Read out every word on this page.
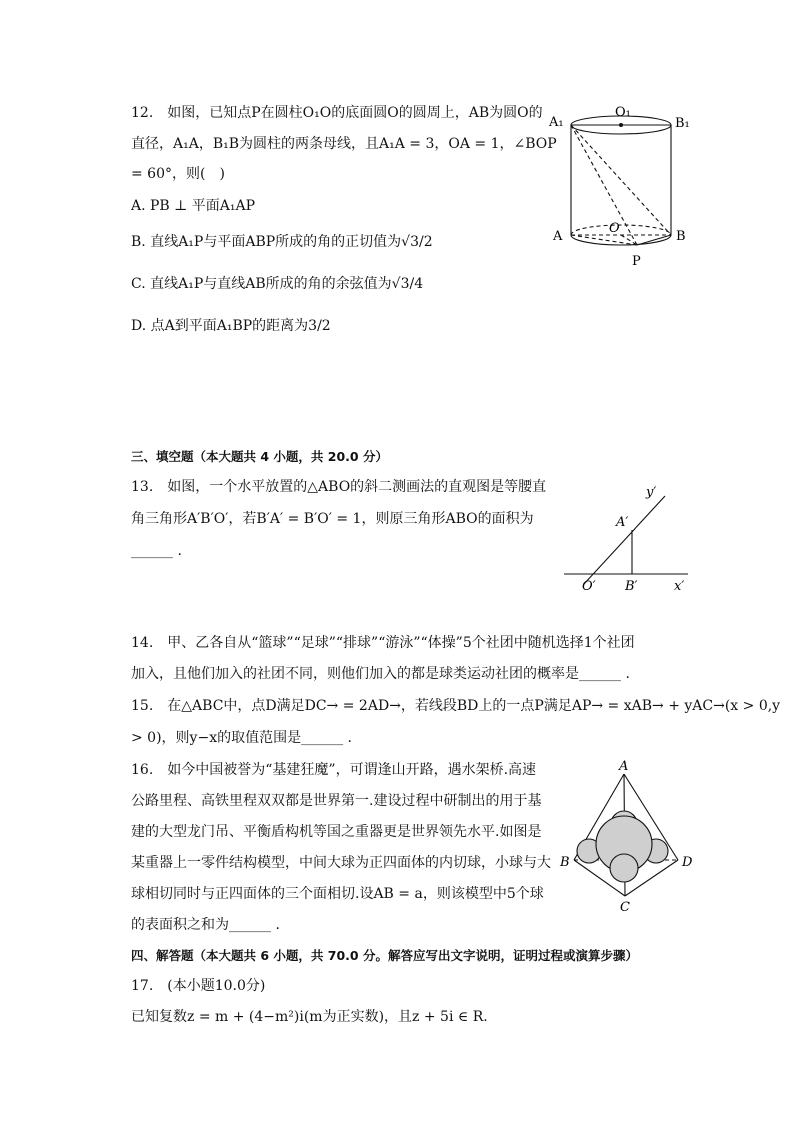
12.　如图，已知点P在圆柱O₁O的底面圆O的圆周上，AB为圆O的
直径，A₁A，B₁B为圆柱的两条母线，且A₁A = 3，OA = 1，∠BOP
= 60°，则(　)
A. PB ⊥ 平面A₁AP
B. 直线A₁P与平面ABP所成的角的正切值为√3/2
C. 直线A₁P与直线AB所成的角的余弦值为√3/4
D. 点A到平面A₁BP的距离为3/2
A₁
O₁
B₁
A
O
B
P
三、填空题（本大题共 4 小题，共 20.0 分）
13.　如图，一个水平放置的△ABO的斜二测画法的直观图是等腰直
角三角形A′B′O′，若B′A′ = B′O′ = 1，则原三角形ABO的面积为
______ .
y′
A′
O′ B′	x′
14.　甲、乙各自从“篮球”“足球”“排球”“游泳”“体操”5个社团中随机选择1个社团
加入，且他们加入的社团不同，则他们加入的都是球类运动社团的概率是______ .
15.　在△ABC中，点D满足DC→ = 2AD→，若线段BD上的一点P满足AP→ = xAB→ + yAC→(x > 0,y
> 0)，则y−x的取值范围是______ .
16.　如今中国被誉为“基建狂魔”，可谓逢山开路，遇水架桥.高速
公路里程、高铁里程双双都是世界第一.建设过程中研制出的用于基
建的大型龙门吊、平衡盾构机等国之重器更是世界领先水平.如图是
某重器上一零件结构模型，中间大球为正四面体的内切球，小球与大
球相切同时与正四面体的三个面相切.设AB = a，则该模型中5个球
的表面积之和为______ .
A
B
C
D
四、解答题（本大题共 6 小题，共 70.0 分。解答应写出文字说明，证明过程或演算步骤）
17.　(本小题10.0分)
已知复数z = m + (4−m²)i(m为正实数)，且z + 5i ∈ R.
